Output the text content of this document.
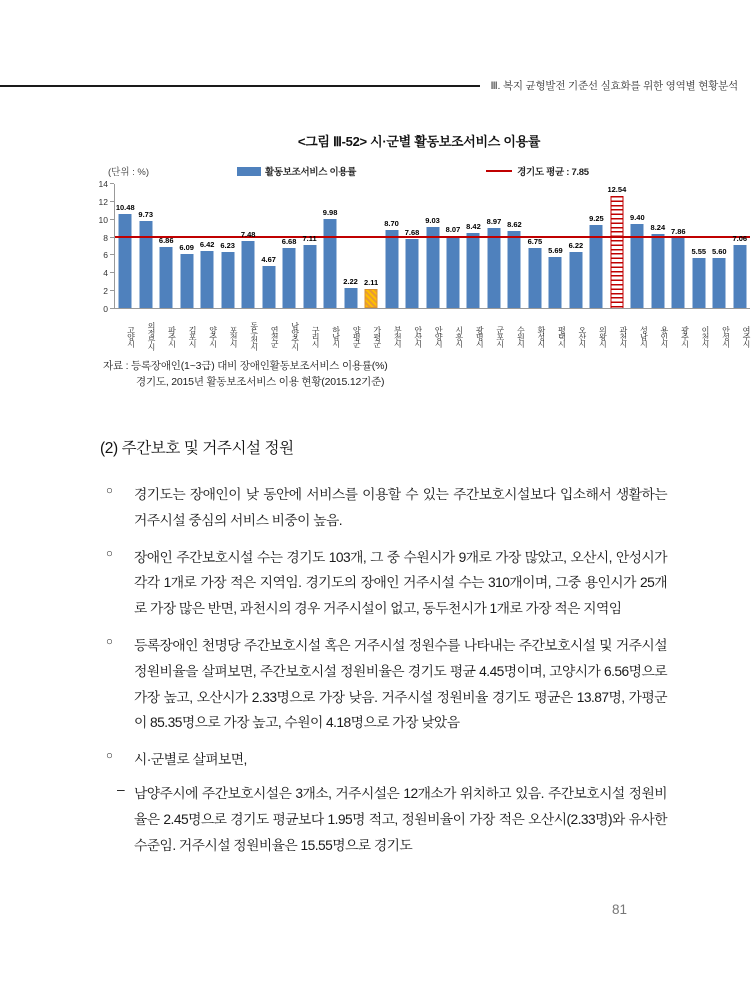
Ⅲ. 복지 균형발전 기준선 실효화를 위한 영역별 현황분석
<그림 Ⅲ-52> 시·군별 활동보조서비스 이용률
(단위 : %)	활동보조서비스 이용률	경기도 평균 : 7.85
0
2
4
6
8
10
12
14
10.48
9.73
6.86
6.09 6.42 6.23
7.48
4.67
6.68 7.11
9.98
2.22 2.11
8.70
7.68
9.03
8.07 8.42
8.97 8.62
6.75
5.69
6.22
9.25
12.54
9.40
8.24 7.86
5.55 5.60
7.06
고양시	의정부시	파주시	김포시	양주시	포천시	동두천시	연천군	남양주시	구리시	하남시	양평군	가평군	부천시	안산시	안양시	시흥시	광명시	군포시	수원시	화성시	평택시	오산시	의왕시	과천시	성남시	용인시	광주시	이천시	안성시	여주시
자료 : 등록장애인(1~3급) 대비 장애인활동보조서비스 이용률(%)
경기도, 2015년 활동보조서비스 이용 현황(2015.12기준)
(2) 주간보호 및 거주시설 정원
○	경기도는 장애인이 낮 동안에 서비스를 이용할 수 있는 주간보호시설보다 입소해서 생활하는 거주시설 중심의 서비스 비중이 높음.
○	장애인 주간보호시설 수는 경기도 103개, 그 중 수원시가 9개로 가장 많았고, 오산시, 안성시가 각각 1개로 가장 적은 지역임. 경기도의 장애인 거주시설 수는 310개이며, 그중 용인시가 25개로 가장 많은 반면, 과천시의 경우 거주시설이 없고, 동두천시가 1개로 가장 적은 지역임
○	등록장애인 천명당 주간보호시설 혹은 거주시설 정원수를 나타내는 주간보호시설 및 거주시설 정원비율을 살펴보면, 주간보호시설 정원비율은 경기도 평균 4.45명이며, 고양시가 6.56명으로 가장 높고, 오산시가 2.33명으로 가장 낮음. 거주시설 정원비율 경기도 평균은 13.87명, 가평군이 85.35명으로 가장 높고, 수원이 4.18명으로 가장 낮았음
○	시·군별로 살펴보면,
– 남양주시에 주간보호시설은 3개소, 거주시설은 12개소가 위치하고 있음. 주간보호시설 정원비율은 2.45명으로 경기도 평균보다 1.95명 적고, 정원비율이 가장 적은 오산시(2.33명)와 유사한 수준임. 거주시설 정원비율은 15.55명으로 경기도
81
